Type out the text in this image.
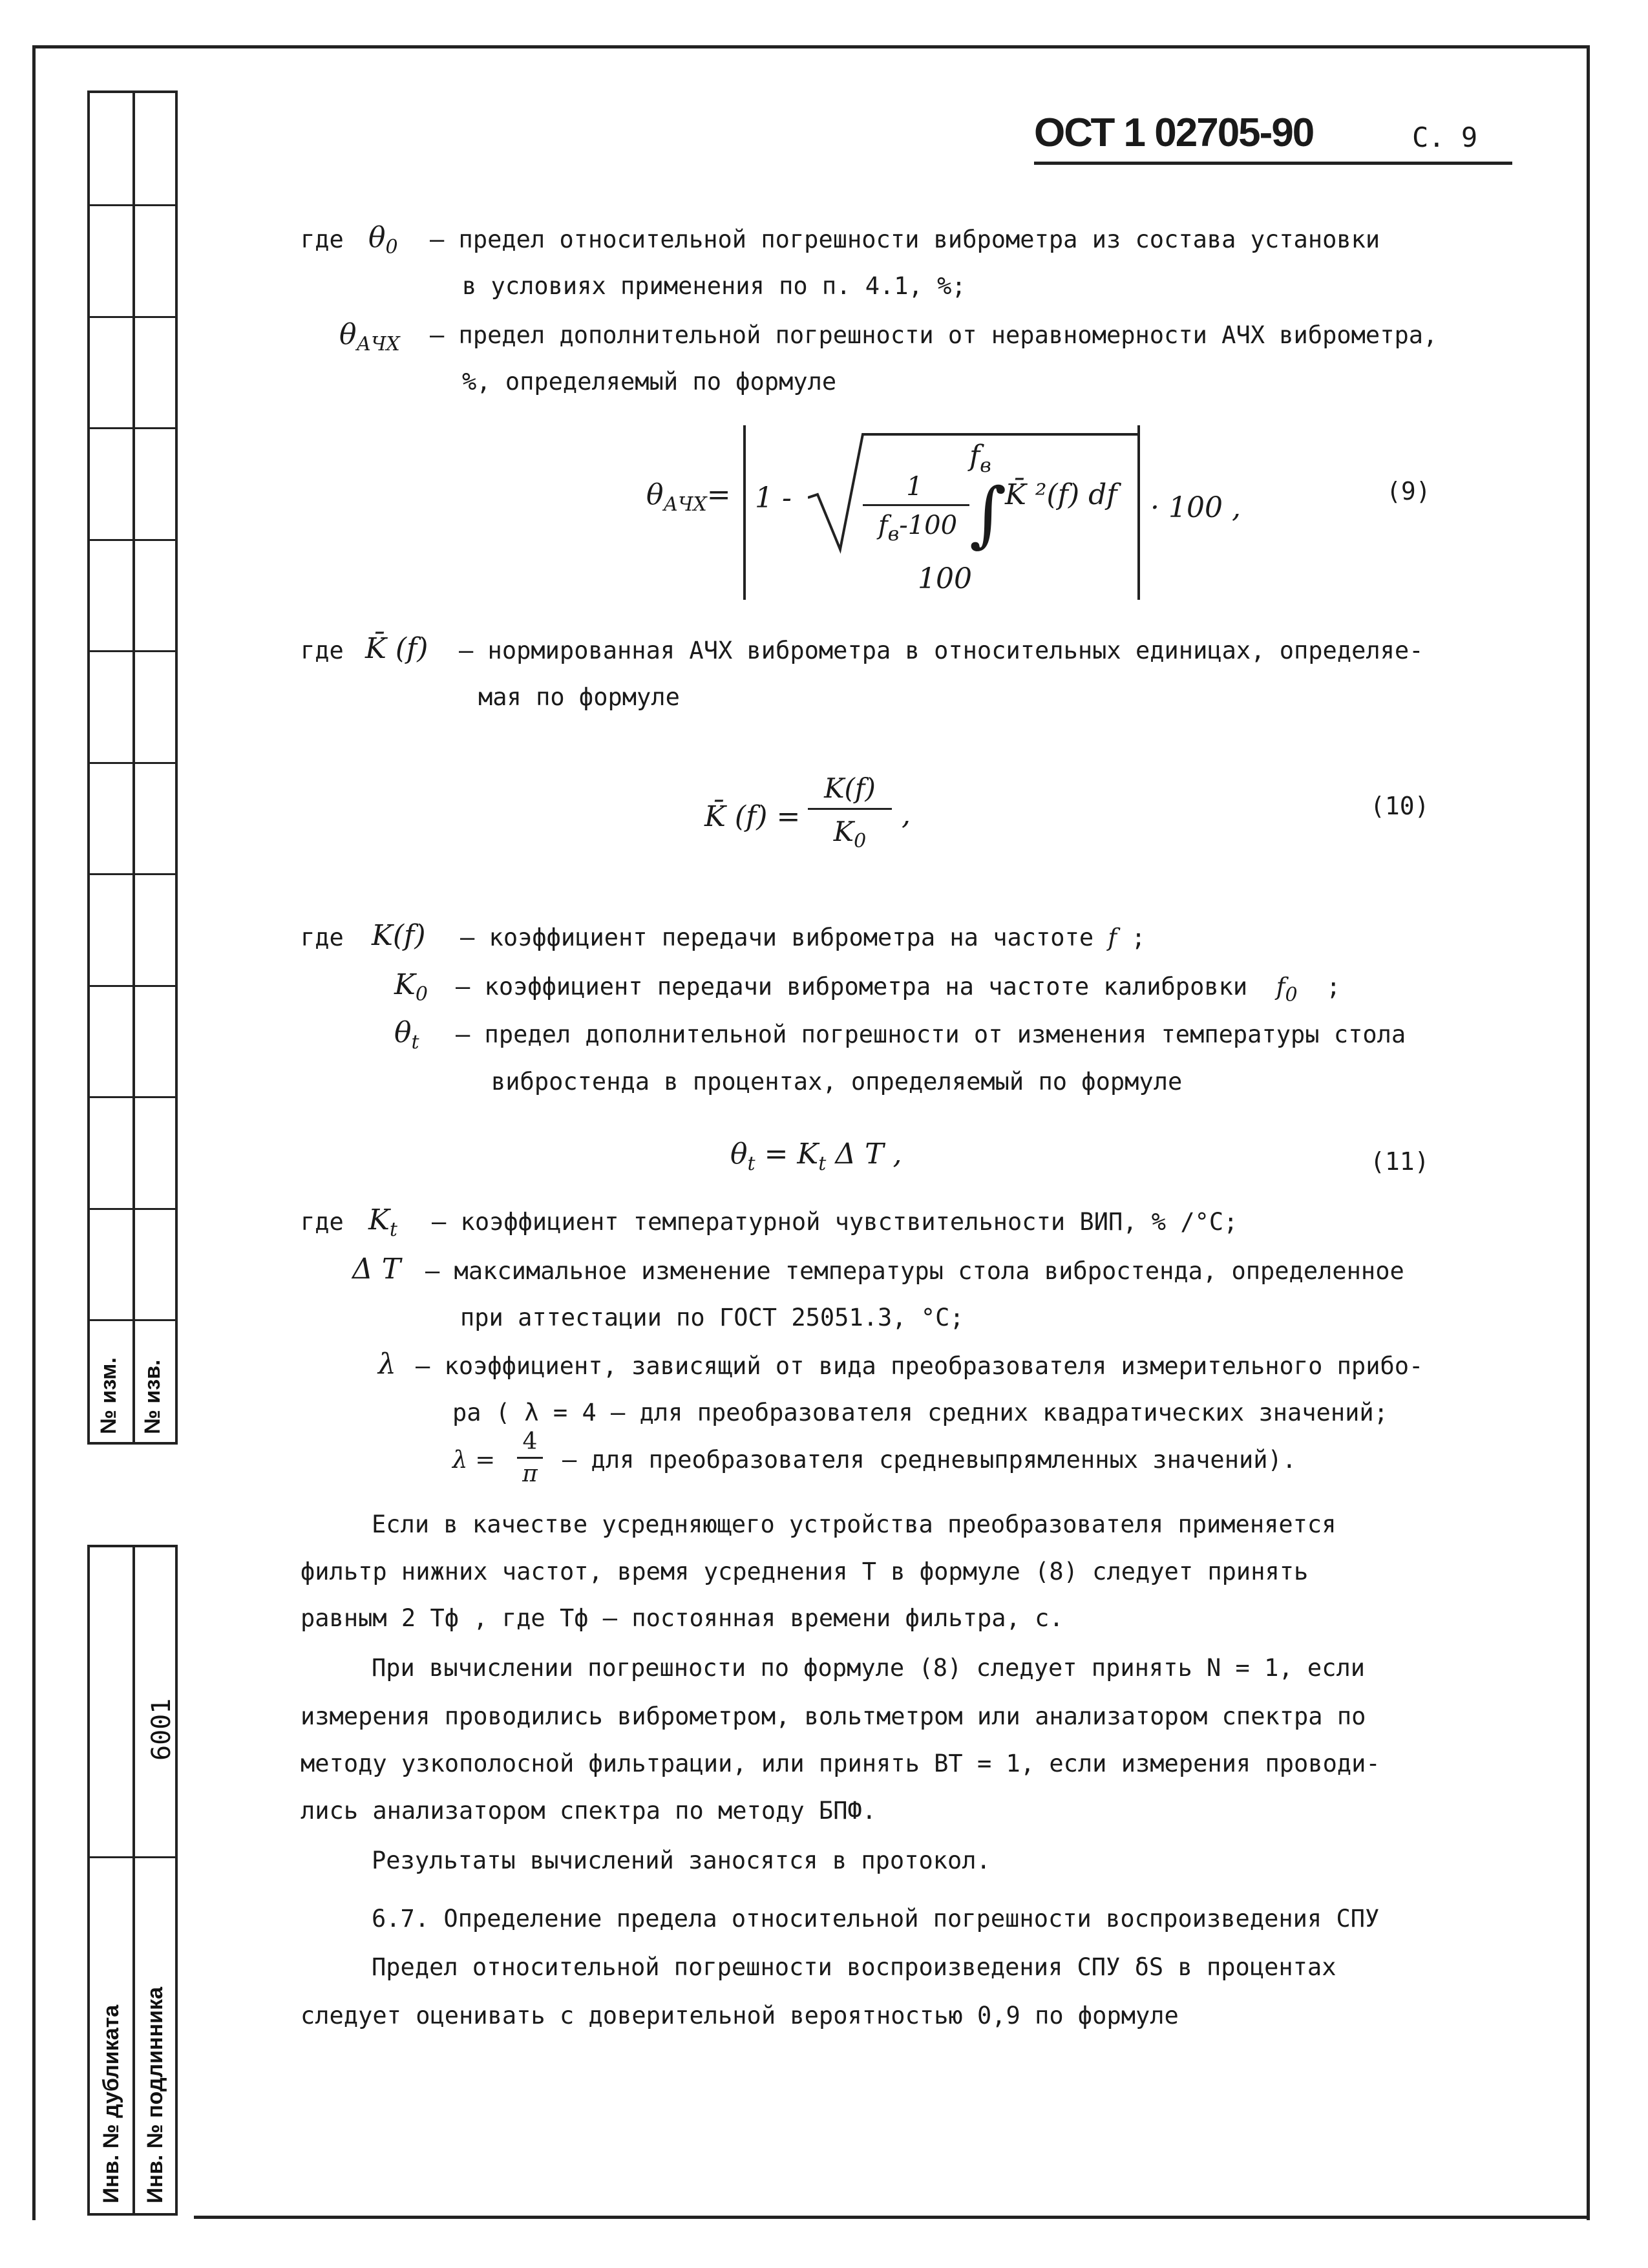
№ изм. № изв.
6001
Инв. № дубликата Инв. № подлинника
ОСТ 1 02705-90	С. 9
где $\theta_0$ – предел относительной погрешности виброметра из состава установки
в условиях применения по п. 4.1, %;
$\theta_{АЧХ}$ – предел дополнительной погрешности от неравномерности АЧХ виброметра,
%, определяемый по формуле
$\theta_{АЧХ}= 1$ -	1
$f_в-100$ ∫
$f_в$
100
K̄ ²(f) df · 100 ,	(9)
где K̄ (f) – нормированная АЧХ виброметра в относительных единицах, определяе-
мая по формуле
K̄ (f) =
K(f)
$K_0$
,	(10)
где K(f) – коэффициент передачи виброметра на частоте f ;
$K_0$ – коэффициент передачи виброметра на частоте калибровки $f_0$ ;
$\theta_t$ – предел дополнительной погрешности от изменения температуры стола
вибростенда в процентах, определяемый по формуле
$\theta_t = K_t$ Δ T ,	(11)
где $K_t$ – коэффициент температурной чувствительности ВИП, % /°C;
Δ T – максимальное изменение температуры стола вибростенда, определенное
при аттестации по ГОСТ 25051.3, °C;
λ – коэффициент, зависящий от вида преобразователя измерительного прибо-
ра ( λ = 4 – для преобразователя средних квадратических значений;
λ =
4
π
– для преобразователя средневыпрямленных значений).
Если в качестве усредняющего устройства преобразователя применяется
фильтр нижних частот, время усреднения T в формуле (8) следует принять
равным 2 Tф , где Tф – постоянная времени фильтра, с.
При вычислении погрешности по формуле (8) следует принять N = 1, если
измерения проводились виброметром, вольтметром или анализатором спектра по
методу узкополосной фильтрации, или принять BT = 1, если измерения проводи-
лись анализатором спектра по методу БПФ.
Результаты вычислений заносятся в протокол.
6.7. Определение предела относительной погрешности воспроизведения СПУ
Предел относительной погрешности воспроизведения СПУ δS в процентах
следует оценивать с доверительной вероятностью 0,9 по формуле
